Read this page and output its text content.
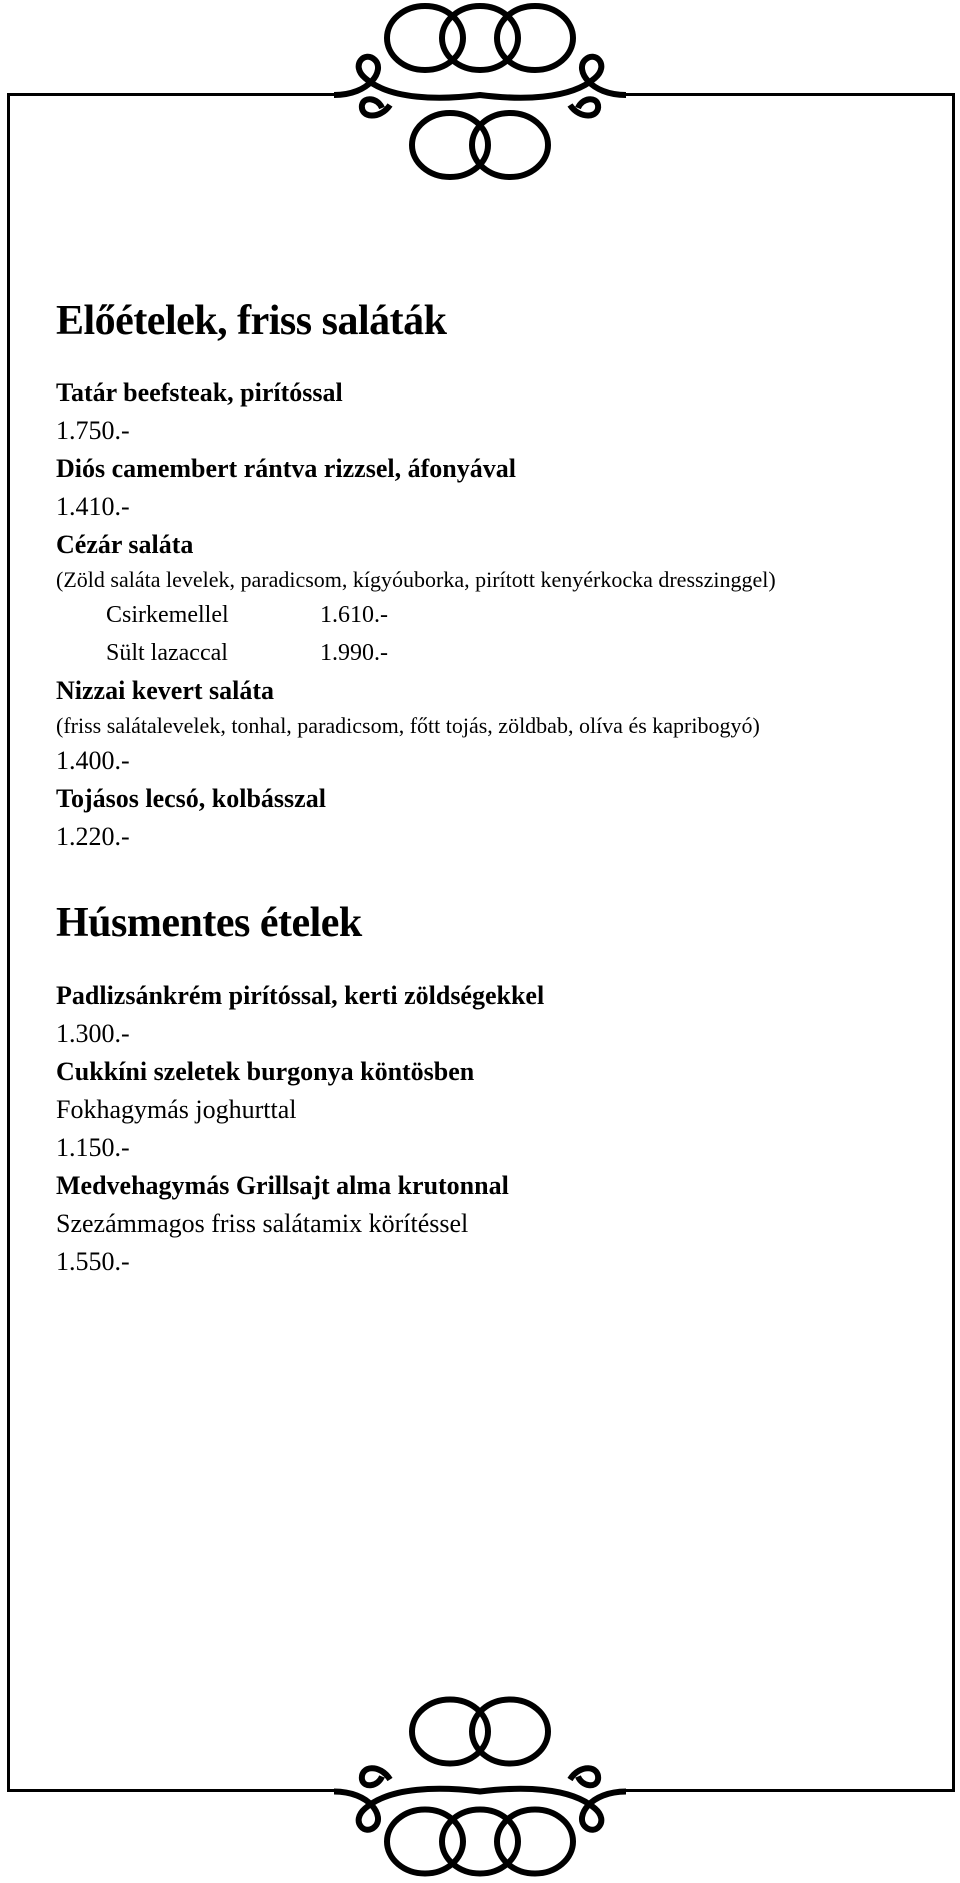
Előételek, friss saláták
Tatár beefsteak, pirítóssal
1.750.-
Diós camembert rántva rizzsel, áfonyával
1.410.-
Cézár saláta
(Zöld saláta levelek, paradicsom, kígyóuborka, pirított kenyérkocka dresszinggel)
Csirkemellel	1.610.-
Sült lazaccal	1.990.-
Nizzai kevert saláta
(friss salátalevelek, tonhal, paradicsom, főtt tojás, zöldbab, olíva és kapribogyó)
1.400.-
Tojásos lecsó, kolbásszal
1.220.-
Húsmentes ételek
Padlizsánkrém pirítóssal, kerti zöldségekkel
1.300.-
Cukkíni szeletek burgonya köntösben
Fokhagymás joghurttal
1.150.-
Medvehagymás Grillsajt alma krutonnal
Szezámmagos friss salátamix körítéssel
1.550.-
